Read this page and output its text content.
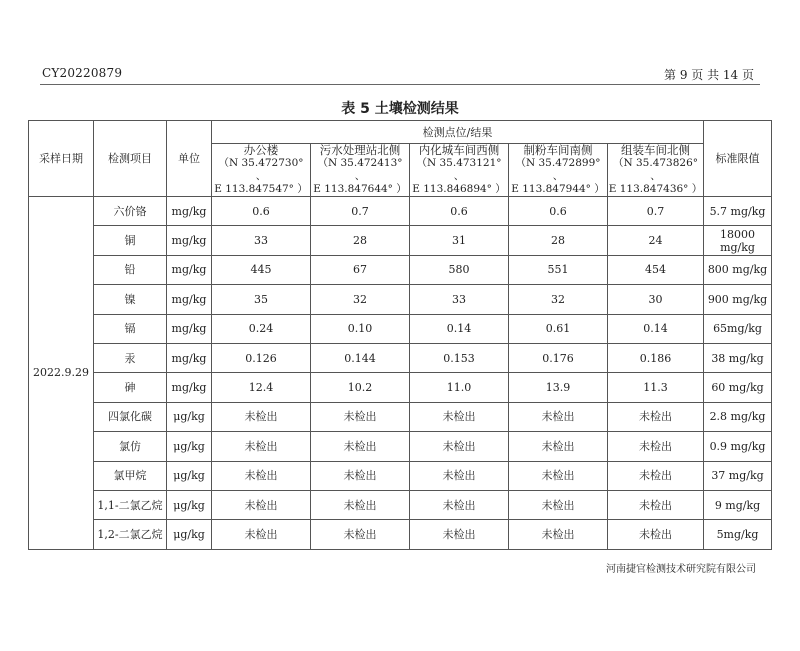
CY20220879	第 9 页 共 14 页
表 5 土壤检测结果
采样日期	检测项目	单位	检测点位/结果					标准限值

			办公楼
（N 35.472730° 、
E 113.847547° ）	污水处理站北侧
（N 35.472413° 、
E 113.847644° ）	内化城车间西侧
（N 35.473121° 、
E 113.846894° ）	制粉车间南侧
（N 35.472899° 、
E 113.847944° ）	组装车间北侧
（N 35.473826° 、
E 113.847436° ）	

2022.9.29	六价铬	mg/kg	0.6	0.7	0.6	0.6	0.7	5.7 mg/kg
	铜	mg/kg	33	28	31	28	24	18000 mg/kg
	铅	mg/kg	445	67	580	551	454	800 mg/kg
	镍	mg/kg	35	32	33	32	30	900 mg/kg
	镉	mg/kg	0.24	0.10	0.14	0.61	0.14	65mg/kg
	汞	mg/kg	0.126	0.144	0.153	0.176	0.186	38 mg/kg
	砷	mg/kg	12.4	10.2	11.0	13.9	11.3	60 mg/kg
	四氯化碳	μg/kg	未检出	未检出	未检出	未检出	未检出	2.8 mg/kg
	氯仿	μg/kg	未检出	未检出	未检出	未检出	未检出	0.9 mg/kg
	氯甲烷	μg/kg	未检出	未检出	未检出	未检出	未检出	37 mg/kg
	1,1-二氯乙烷	μg/kg	未检出	未检出	未检出	未检出	未检出	9 mg/kg
	1,2-二氯乙烷	μg/kg	未检出	未检出	未检出	未检出	未检出	5mg/kg
河南捷官检测技术研究院有限公司
